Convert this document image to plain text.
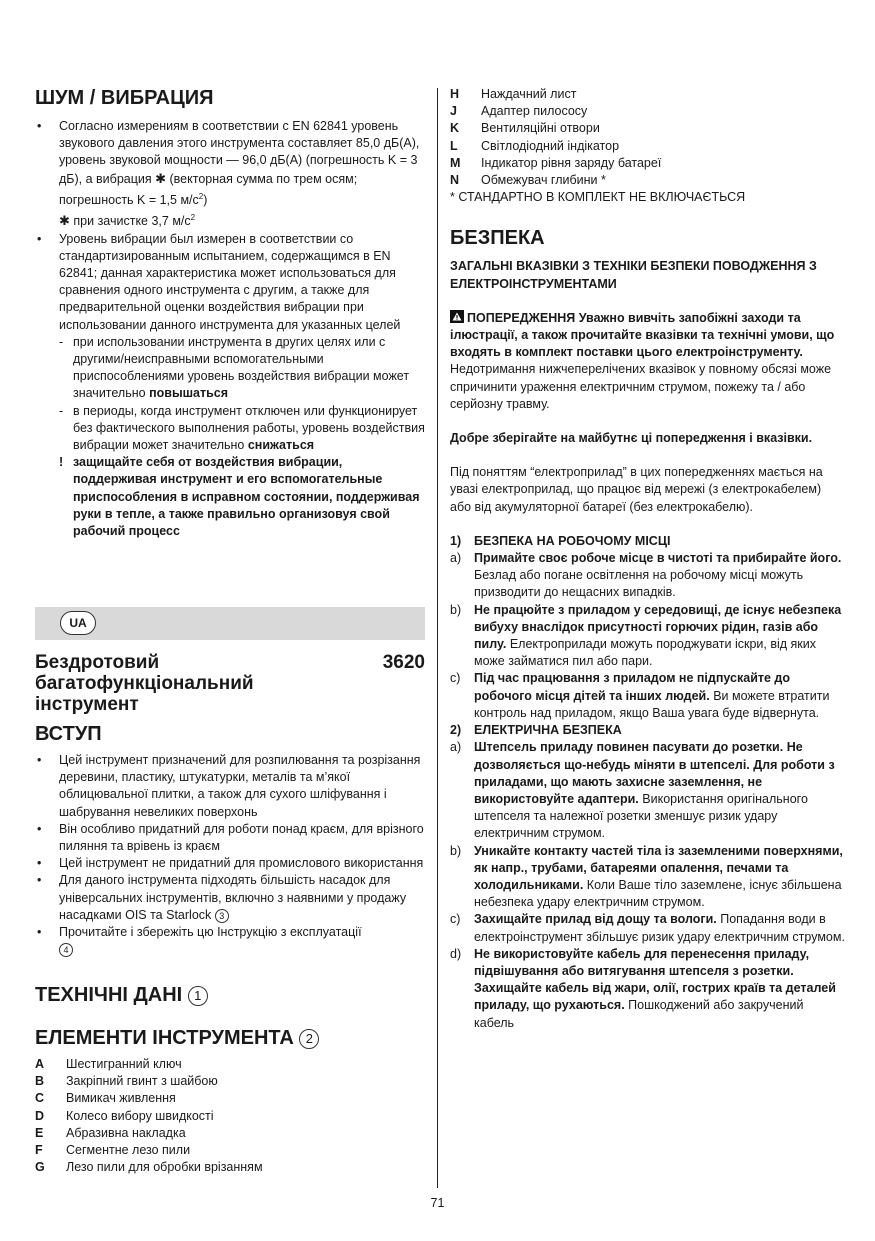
ШУМ / ВИБРАЦИЯ
• Согласно измерениям в соответствии с EN 62841 уровень звукового давления этого инструмента составляет 85,0 дБ(A), уровень звуковой мощности — 96,0 дБ(A) (погрешность K = 3 дБ), а вибрация ✱ (векторная сумма по трем осям; погрешность K = 1,5 $м/с^2$)
✱ при зачистке 3,7 $м/с^2$
• Уровень вибрации был измерен в соответствии со стандартизированным испытанием, содержащимся в EN 62841; данная характеристика может использоваться для сравнения одного инструмента с другим, а также для предварительной оценки воздействия вибрации при использовании данного инструмента для указанных целей
- при использовании инструмента в других целях или с другими/неисправными вспомогательными приспособлениями уровень воздействия вибрации может значительно повышаться
- в периоды, когда инструмент отключен или функционирует без фактического выполнения работы, уровень воздействия вибрации может значительно снижаться
! защищайте себя от воздействия вибрации, поддерживая инструмент и его вспомогательные приспособления в исправном состоянии, поддерживая руки в тепле, а также правильно организовуя свой рабочий процесс
UA
Бездротовий багатофункціональний інструмент
3620
ВСТУП
• Цей інструмент призначений для розпилювання та розрізання деревини, пластику, штукатурки, металів та м’якої облицювальної плитки, а також для сухого шліфування і шабрування невеликих поверхонь
• Він особливо придатний для роботи понад краєм, для врізного пиляння та врівень із краєм
• Цей інструмент не придатний для промислового використання
• Для даного інструмента підходять більшість насадок для універсальних інструментів, включно з наявними у продажу насадками OIS та Starlock 3
• Прочитайте і збережіть цю Інструкцію з експлуатації
4
ТЕХНІЧНІ ДАНІ 1
ЕЛЕМЕНТИ ІНСТРУМЕНТА 2
A	Шестигранний ключ
B	Закріпний гвинт з шайбою
C	Вимикач живлення
D	Колесо вибору швидкості
E	Абразивна накладка
F	Сегментне лезо пили
G	Лезо пили для обробки врізанням
H	Наждачний лист
J	Адаптер пилососу
K	Вентиляційні отвори
L	Світлодіодний індікатор
M	Індикатор рівня заряду батареї
N	Обмежувач глибини *
* СТАНДАРТНО В КОМПЛЕКТ НЕ ВКЛЮЧАЄТЬСЯ
БЕЗПЕКА
ЗАГАЛЬНІ ВКАЗІВКИ З ТЕХНІКИ БЕЗПЕКИ ПОВОДЖЕННЯ З ЕЛЕКТРОІНСТРУМЕНТАМИ
ПОПЕРЕДЖЕННЯ Уважно вивчіть запобіжні заходи та ілюстрації, а також прочитайте вказівки та технічні умови, що входять в комплект поставки цього електроінструменту. Недотримання нижчеперелічених вказівок у повному обсязі може спричинити ураження електричним струмом, пожежу та / або серйозну травму.
Добре зберігайте на майбутнє ці попередження і вказівки.
Під поняттям “електроприлад” в цих попередженнях мається на увазі електроприлад, що працює від мережі (з електрокабелем) або від акумуляторної батареї (без електрокабелю).
1) БЕЗПЕКА НА РОБОЧОМУ МІСЦІ
a) Примайте своє робоче місце в чистоті та прибирайте його. Безлад або погане освітлення на робочому місці можуть призводити до нещасних випадків.
b) Не працюйте з приладом у середовищі, де існує небезпека вибуху внаслідок присутності горючих рідин, газів або пилу. Електроприлади можуть породжувати іскри, від яких може займатися пил або пари.
c) Під час працювання з приладом не підпускайте до робочого місця дітей та інших людей. Ви можете втратити контроль над приладом, якщо Ваша увага буде відвернута.
2) ЕЛЕКТРИЧНА БЕЗПЕКА
a) Штепсель приладу повинен пасувати до розетки. Не дозволяється що-небудь міняти в штепселі. Для роботи з приладами, що мають захисне заземлення, не використовуйте адаптери. Використання оригінального штепселя та належної розетки зменшує ризик удару електричним струмом.
b) Уникайте контакту частей тіла із заземленими поверхнями, як напр., трубами, батареями опалення, печами та холодильниками. Коли Ваше тіло заземлене, існує збільшена небезпека удару електричним струмом.
c) Захищайте прилад від дощу та вологи. Попадання води в електроінструмент збільшує ризик удару електричним струмом.
d) Не використовуйте кабель для перенесення приладу, підвішування або витягування штепселя з розетки. Захищайте кабель від жари, олії, гострих країв та деталей приладу, що рухаються. Пошкоджений або закручений кабель
71
